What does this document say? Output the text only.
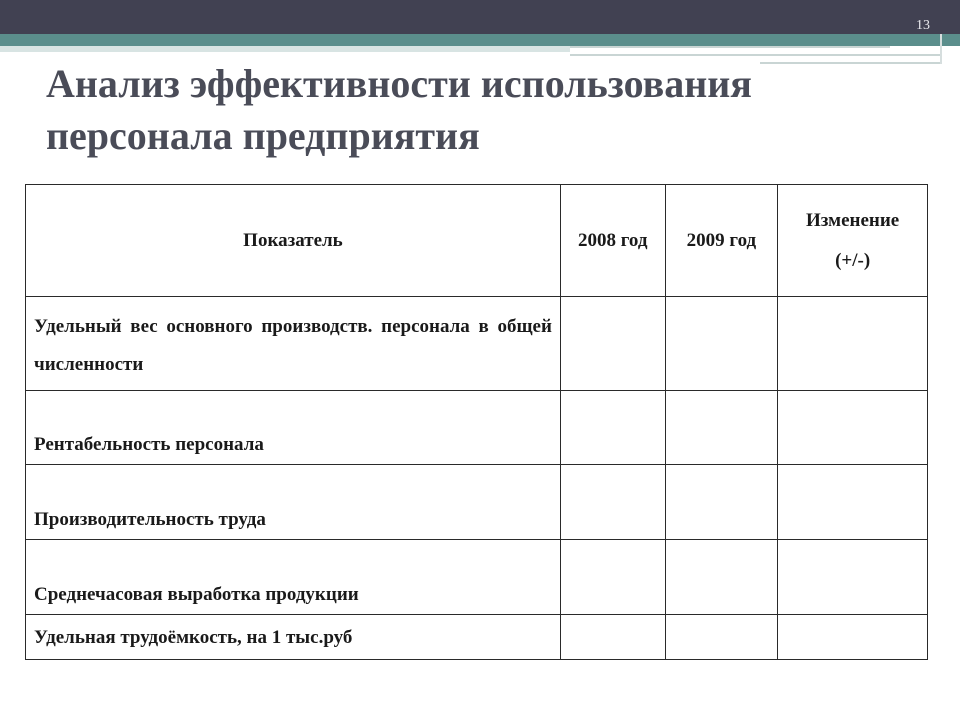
13
Анализ эффективности использования персонала предприятия
Показатель	2008 год	2009 год	Изменение
(+/-)

Удельный вес основного производств. персонала в общей численности			
Рентабельность персонала			
Производительность труда			
Среднечасовая выработка продукции			
Удельная трудоёмкость, на 1 тыс.руб			
